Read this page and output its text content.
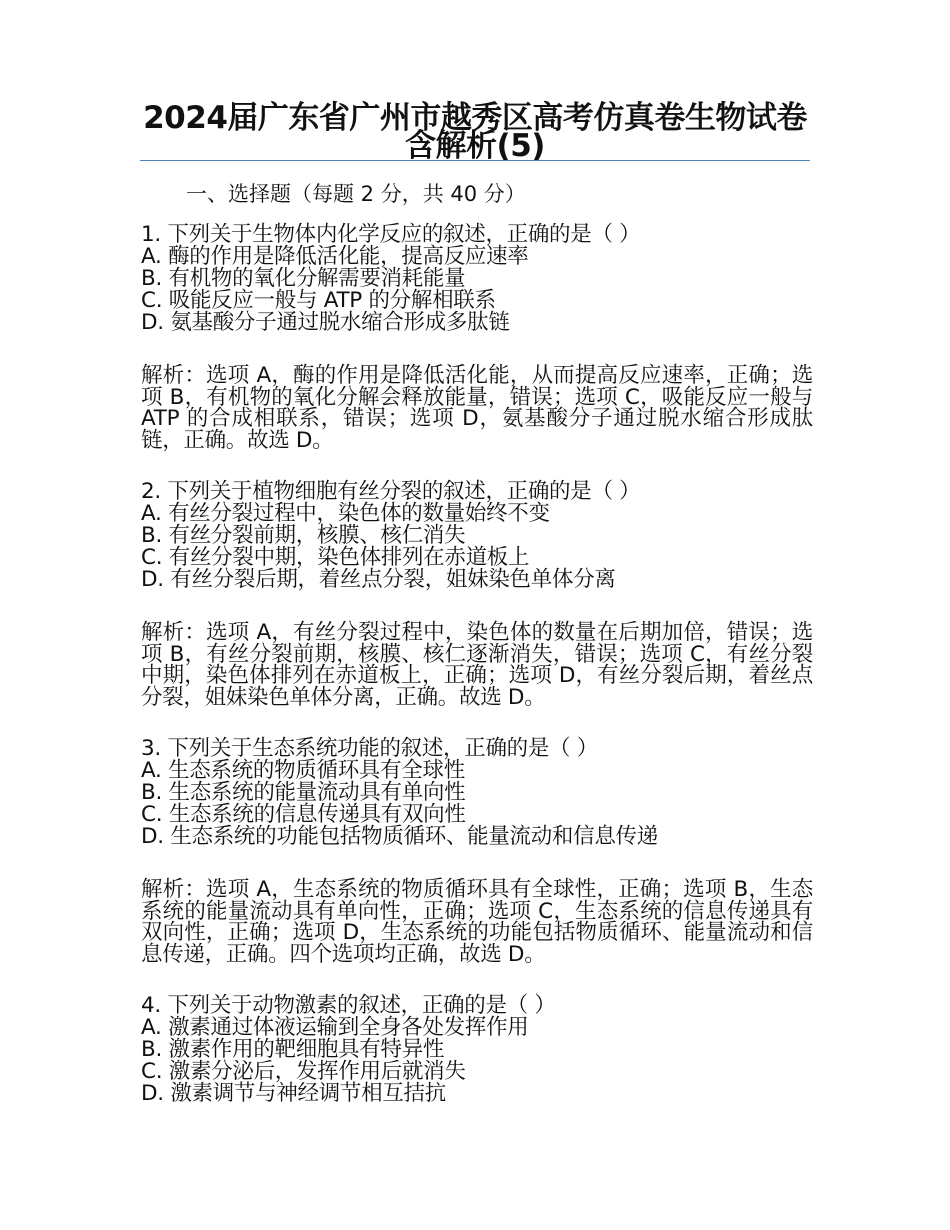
2024届广东省广州市越秀区高考仿真卷生物试卷含解析(5)
一、选择题（每题 2 分，共 40 分）

1. 下列关于生物体内化学反应的叙述，正确的是（ ）

A. 酶的作用是降低活化能，提高反应速率

B. 有机物的氧化分解需要消耗能量

C. 吸能反应一般与 ATP 的分解相联系

D. 氨基酸分子通过脱水缩合形成多肽链

解析：选项 A，酶的作用是降低活化能，从而提高反应速率，正确；选项 B，有机物的氧化分解会释放能量，错误；选项 C，吸能反应一般与 ATP 的合成相联系，错误；选项 D，氨基酸分子通过脱水缩合形成肽链，正确。故选 D。

2. 下列关于植物细胞有丝分裂的叙述，正确的是（ ）

A. 有丝分裂过程中，染色体的数量始终不变

B. 有丝分裂前期，核膜、核仁消失

C. 有丝分裂中期，染色体排列在赤道板上

D. 有丝分裂后期，着丝点分裂，姐妹染色单体分离

解析：选项 A，有丝分裂过程中，染色体的数量在后期加倍，错误；选项 B，有丝分裂前期，核膜、核仁逐渐消失，错误；选项 C，有丝分裂中期，染色体排列在赤道板上，正确；选项 D，有丝分裂后期，着丝点分裂，姐妹染色单体分离，正确。故选 D。

3. 下列关于生态系统功能的叙述，正确的是（ ）

A. 生态系统的物质循环具有全球性

B. 生态系统的能量流动具有单向性

C. 生态系统的信息传递具有双向性

D. 生态系统的功能包括物质循环、能量流动和信息传递

解析：选项 A，生态系统的物质循环具有全球性，正确；选项 B，生态系统的能量流动具有单向性，正确；选项 C，生态系统的信息传递具有双向性，正确；选项 D，生态系统的功能包括物质循环、能量流动和信息传递，正确。四个选项均正确，故选 D。

4. 下列关于动物激素的叙述，正确的是（ ）

A. 激素通过体液运输到全身各处发挥作用

B. 激素作用的靶细胞具有特异性

C. 激素分泌后，发挥作用后就消失

D. 激素调节与神经调节相互拮抗
